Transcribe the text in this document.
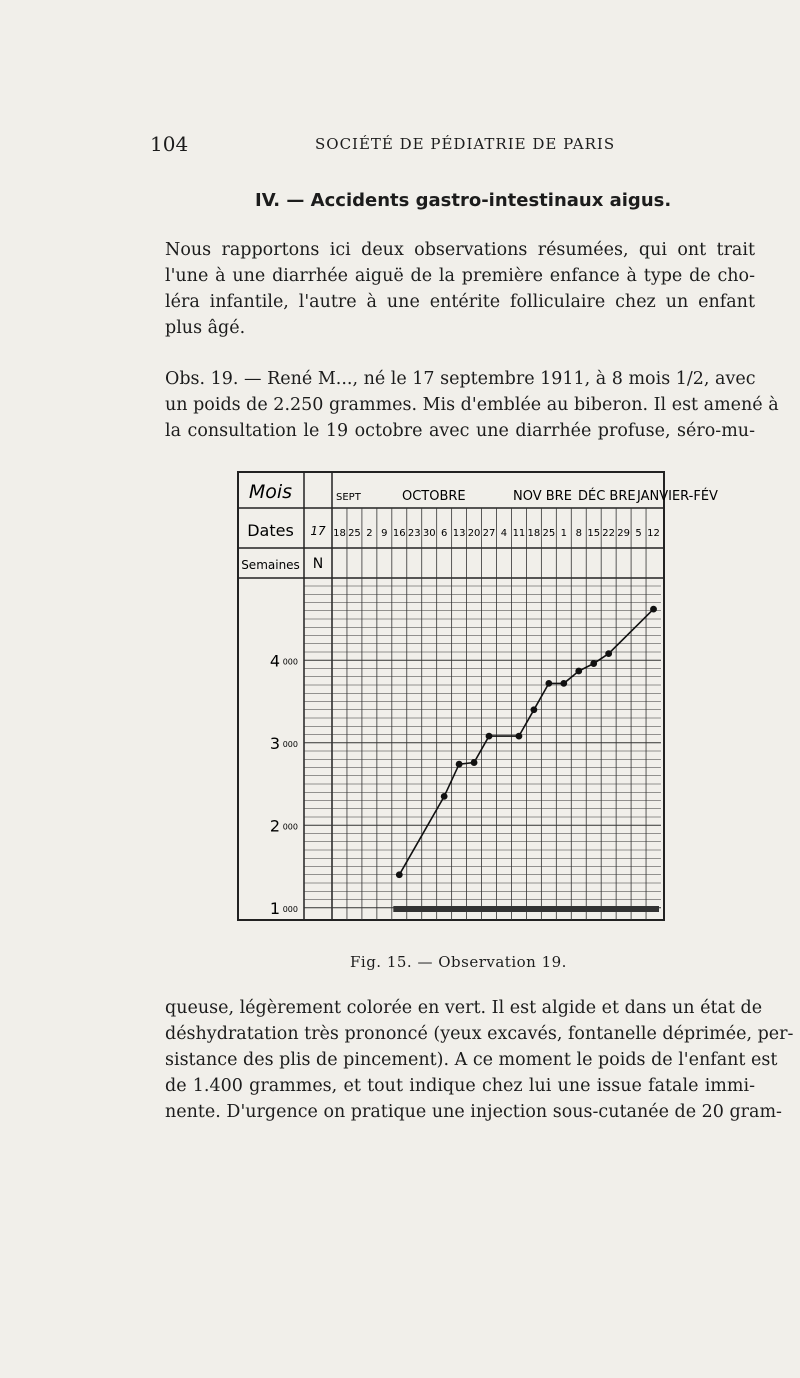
104	SOCIÉTÉ DE PÉDIATRIE DE PARIS
IV. — Accidents gastro-intestinaux aigus.
Nous rapportons ici deux observations résumées, qui ont trait
l'une à une diarrhée aiguë de la première enfance à type de cho-
léra infantile, l'autre à une entérite folliculaire chez un enfant
plus âgé.
Obs. 19. — René M..., né le 17 septembre 1911, à 8 mois 1/2, avec
un poids de 2.250 grammes. Mis d'emblée au biberon. Il est amené à
la consultation le 19 octobre avec une diarrhée profuse, séro-mu-
Mois
Dates
Semaines
17
N
SEPT	OCTOBRE	NOV BRE DÉC BRE JANVIER-FÉV
18 25 2 9 16 23 30 6 13 20 27 4 11 18 25 1 8 15 22 29 5 12
1 000
2 000
3 000
4 000
Fig. 15. — Observation 19.
queuse, légèrement colorée en vert. Il est algide et dans un état de
déshydratation très prononcé (yeux excavés, fontanelle déprimée, per-
sistance des plis de pincement). A ce moment le poids de l'enfant est
de 1.400 grammes, et tout indique chez lui une issue fatale immi-
nente. D'urgence on pratique une injection sous-cutanée de 20 gram-
